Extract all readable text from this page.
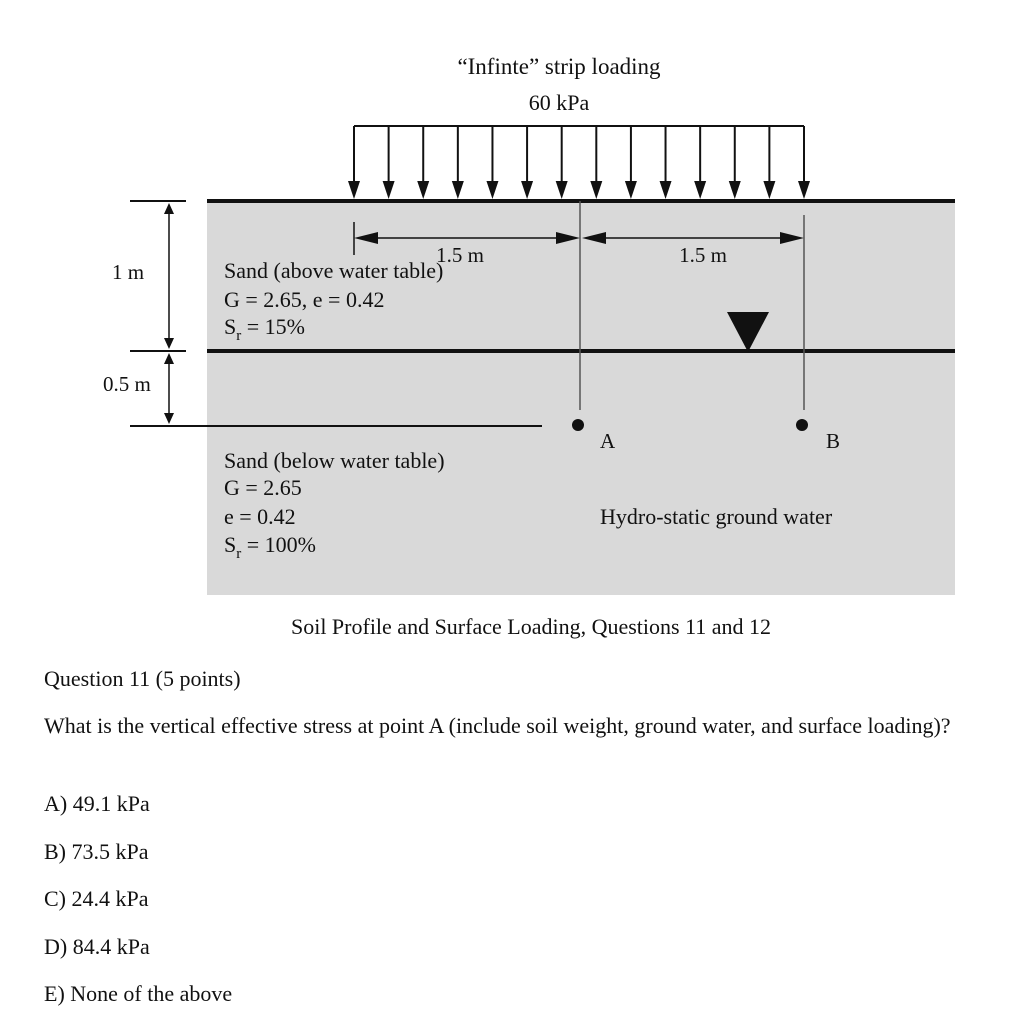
1 m
0.5 m
“Infinte” strip loading
60 kPa
1.5 m	1.5 m
A	B
Sand (above water table)
G = 2.65, e = 0.42
$S_r = 15\%$
Sand (below water table)
G = 2.65
e = 0.42
$S_r = 100\%$
Hydro-static ground water

Soil Profile and Surface Loading, Questions 11 and 12

Question 11 (5 points)

What is the vertical effective stress at point A (include soil weight, ground water, and surface loading)?

A) 49.1 kPa

B) 73.5 kPa

C) 24.4 kPa

D) 84.4 kPa

E) None of the above
